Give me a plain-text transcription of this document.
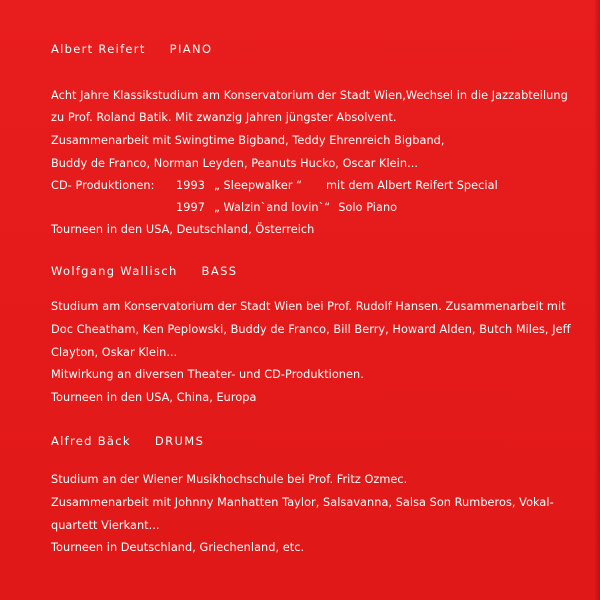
Albert Reifert PIANO
Acht Jahre Klassikstudium am Konservatorium der Stadt Wien,Wechsel in die Jazzabteilung
zu Prof. Roland Batik. Mit zwanzig Jahren jüngster Absolvent.
Zusammenarbeit mit Swingtime Bigband, Teddy Ehrenreich Bigband,
Buddy de Franco, Norman Leyden, Peanuts Hucko, Oscar Klein...
CD- Produktionen: 1993 „ Sleepwalker “ mit dem Albert Reifert Special
1997 „ Walzin`and lovin`“ Solo Piano
Tourneen in den USA, Deutschland, Österreich
Wolfgang Wallisch BASS
Studium am Konservatorium der Stadt Wien bei Prof. Rudolf Hansen. Zusammenarbeit mit
Doc Cheatham, Ken Peplowski, Buddy de Franco, Bill Berry, Howard Alden, Butch Miles, Jeff
Clayton, Oskar Klein...
Mitwirkung an diversen Theater- und CD-Produktionen.
Tourneen in den USA, China, Europa
Alfred Bäck DRUMS
Studium an der Wiener Musikhochschule bei Prof. Fritz Ozmec.
Zusammenarbeit mit Johnny Manhatten Taylor, Salsavanna, Salsa Son Rumberos, Vokal-
quartett Vierkant...
Tourneen in Deutschland, Griechenland, etc.
